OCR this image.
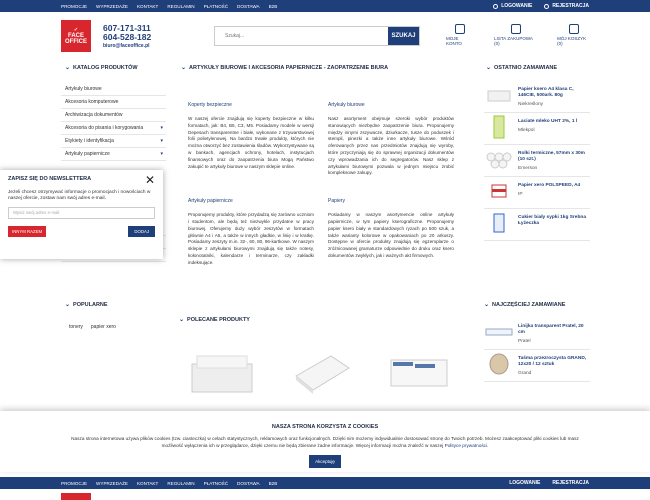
PROMOCJE WYPRZEDAŻE KONTAKT REGULAMIN PŁATNOŚĆ DOSTAWA B2B	LOGOWANIE	REJESTRACJA
✓
FACE
OFFICE
607-171-311
604-528-182
biuro@faceoffice.pl
Szukaj...
SZUKAJ	MOJE KONTO
LISTA ZAKUPOWA (0)
MÓJ KOSZYK (0)
⌄ KATALOG PRODUKTÓW
Artykuły biurowe
Akcesoria komputerowe
Archiwizacja dokumentów
Akcesoria do pisania i korygowania	▾
Etykiety i identyfikacja	▾
Artykuły papiernicze	▾
⌄ POPULARNE
tonery papier xero
ZAPISZ SIĘ DO NEWSLETTERA	✕
Jeżeli chcesz otrzymywać informacje o promocjach i nowościach w naszej ofercie, zostaw nam swój adres e-mail.
Wpisz swój adres e-mail
INNYM RAZEM	DODAJ
⌄ ARTYKUŁY BIUROWE I AKCESORIA PAPIERNICZE - ZAOPATRZENIE BIURA
Koperty bezpieczne
W naszej ofercie znajdują się koperty bezpieczne w kilku formatach, jak: B4, B5, C3, M5. Posiadamy modele w wersji Depesach transparentne i białe, wykonane z trzywarstwowej folii polietylenowej. Na bardzo trwałe produkty, których nie można otworzyć bez zostawienia śladów. Wykorzystywane są w bankach, agencjach ochrony, hotelach, instytucjach finansowych oraz do zaopatrzenia biura Mogą Państwo zakupić te artykuły biurowe w naszym sklepie online.
Artykuły biurowe
Nasz asortyment obejmuje szeroki wybór produktów stanowiących niezbędne zaopatrzenie biura. Proponujemy między innymi zszywacze, dziurkacze, tusze do poduszek i stempli, pinezki a także inne artykuły biurowe. Wśród oferowanych przez nas przedmiotów znajdują się wyroby, które przyczyniają się do sprawnej organizacji dokumentów czy wprowadzania ich do segregatorów. Nasz sklep z artykułami biurowymi pozwala w jednym miejscu zrobić kompleksowe zakupy.
Artykuły papiernicze
Proponujemy produkty, które przydadzą się zarówno uczniom i studentom, ale będą też niezwykle przydatne w pracy biurowej. Oferujemy duży wybór zeszytów w formatach głównie A4 i A5, a także w innych gładkie, w linię i w kratkę. Posiadamy zeszyty m.in. 32-, 60, 80, 96-kartkowe. W naszym sklepie z artykułami biurowymi znajdują się także notesy, kołonotatniki, kalendarze i terminarze, czy zakładki indeksujące.
Papiery
Posiadamy w naszym asortymencie online artykuły papiernicze, w tym papiery kserograficzne. Proponujemy papier ksero biały w standardowych ryzach po 500 szuk, a także warianty kolorowe w opakowaniach po 20 arkuszy. Dostępne w ofercie produkty znajdują się egzemplarze o zróżnicowanej gramaturze odpowiednie do druku oraz ksero dokumentów zwykłych, jak i ważnych akt firmowych.
⌄ POLECANE PRODUKTY
⌄ OSTATNIO ZAMAWIANE
Papier ksero A4 klasa C, 146CIE, 500ark. 80g
Niekreślony
Laciate mleko UHT 2%, 1 l
Mlekpol
Rolki termiczne, 57mm x 30m (10 szt.)
Emerson
Papier xero POLSPEED, A4
IP
Cukier biały sypki 1kg Srebna Łyżeczka
⌄ NAJCZĘŚCIEJ ZAMAWIANE
Linijka transparent Pratel, 20 cm
Pratel
Taśma przezroczysta GRAND, 12x20 / 12 sztuk
Grand
NASZA STRONA KORZYSTA Z COOKIES
Nasza strona internetowa używa plików cookies (tzw. ciasteczka) w celach statystycznych, reklamowych oraz funkcjonalnych. Dzięki nim możemy indywidualnie dostosować stronę do Twoich potrzeb. Możesz zaakceptować pliki cookies lub masz możliwość wyłączenia ich w przeglądarce, dzięki czemu nie będą zbierane żadne informacje. Więcej informacji można znaleźć w naszej Polityce prywatności.
Akceptuję
PROMOCJE WYPRZEDAŻE KONTAKT REGULAMIN PŁATNOŚĆ DOSTAWA B2B	LOGOWANIE REJESTRACJA
